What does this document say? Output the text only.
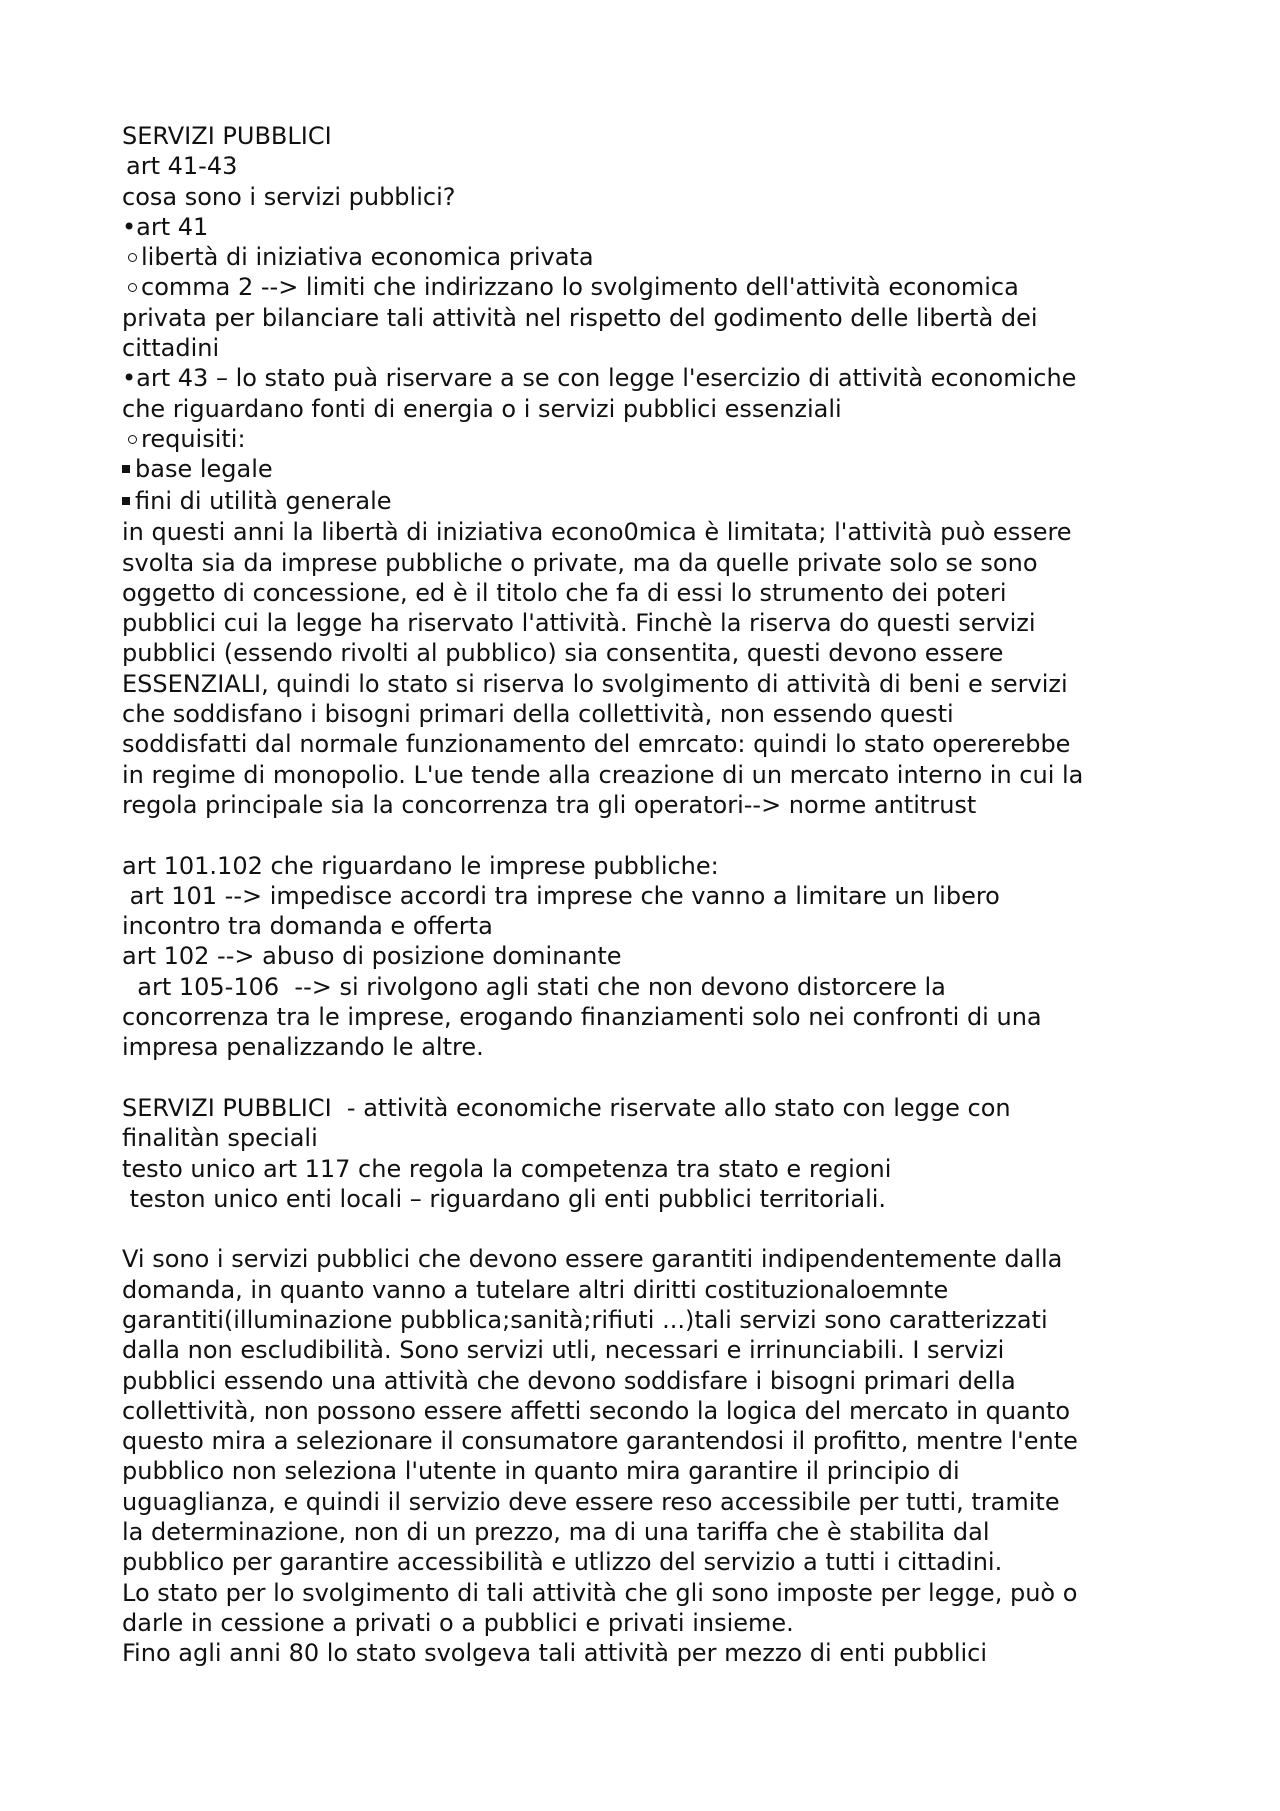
SERVIZI PUBBLICI
art 41-43
cosa sono i servizi pubblici?
•art 41
libertà di iniziativa economica privata
comma 2 --> limiti che indirizzano lo svolgimento dell'attività economica
privata per bilanciare tali attività nel rispetto del godimento delle libertà dei
cittadini
•art 43 – lo stato puà riservare a se con legge l'esercizio di attività economiche
che riguardano fonti di energia o i servizi pubblici essenziali
requisiti:
base legale
fini di utilità generale
in questi anni la libertà di iniziativa econo0mica è limitata; l'attività può essere
svolta sia da imprese pubbliche o private, ma da quelle private solo se sono
oggetto di concessione, ed è il titolo che fa di essi lo strumento dei poteri
pubblici cui la legge ha riservato l'attività. Finchè la riserva do questi servizi
pubblici (essendo rivolti al pubblico) sia consentita, questi devono essere
ESSENZIALI, quindi lo stato si riserva lo svolgimento di attività di beni e servizi
che soddisfano i bisogni primari della collettività, non essendo questi
soddisfatti dal normale funzionamento del emrcato: quindi lo stato opererebbe
in regime di monopolio. L'ue tende alla creazione di un mercato interno in cui la
regola principale sia la concorrenza tra gli operatori--> norme antitrust
art 101.102 che riguardano le imprese pubbliche:
art 101 --> impedisce accordi tra imprese che vanno a limitare un libero
incontro tra domanda e offerta
art 102 --> abuso di posizione dominante
art 105-106  --> si rivolgono agli stati che non devono distorcere la
concorrenza tra le imprese, erogando finanziamenti solo nei confronti di una
impresa penalizzando le altre.
SERVIZI PUBBLICI  - attività economiche riservate allo stato con legge con
finalitàn speciali
testo unico art 117 che regola la competenza tra stato e regioni
teston unico enti locali – riguardano gli enti pubblici territoriali.
Vi sono i servizi pubblici che devono essere garantiti indipendentemente dalla
domanda, in quanto vanno a tutelare altri diritti costituzionaloemnte
garantiti(illuminazione pubblica;sanità;rifiuti ...)tali servizi sono caratterizzati
dalla non escludibilità. Sono servizi utli, necessari e irrinunciabili. I servizi
pubblici essendo una attività che devono soddisfare i bisogni primari della
collettività, non possono essere affetti secondo la logica del mercato in quanto
questo mira a selezionare il consumatore garantendosi il profitto, mentre l'ente
pubblico non seleziona l'utente in quanto mira garantire il principio di
uguaglianza, e quindi il servizio deve essere reso accessibile per tutti, tramite
la determinazione, non di un prezzo, ma di una tariffa che è stabilita dal
pubblico per garantire accessibilità e utlizzo del servizio a tutti i cittadini.
Lo stato per lo svolgimento di tali attività che gli sono imposte per legge, può o
darle in cessione a privati o a pubblici e privati insieme.
Fino agli anni 80 lo stato svolgeva tali attività per mezzo di enti pubblici
